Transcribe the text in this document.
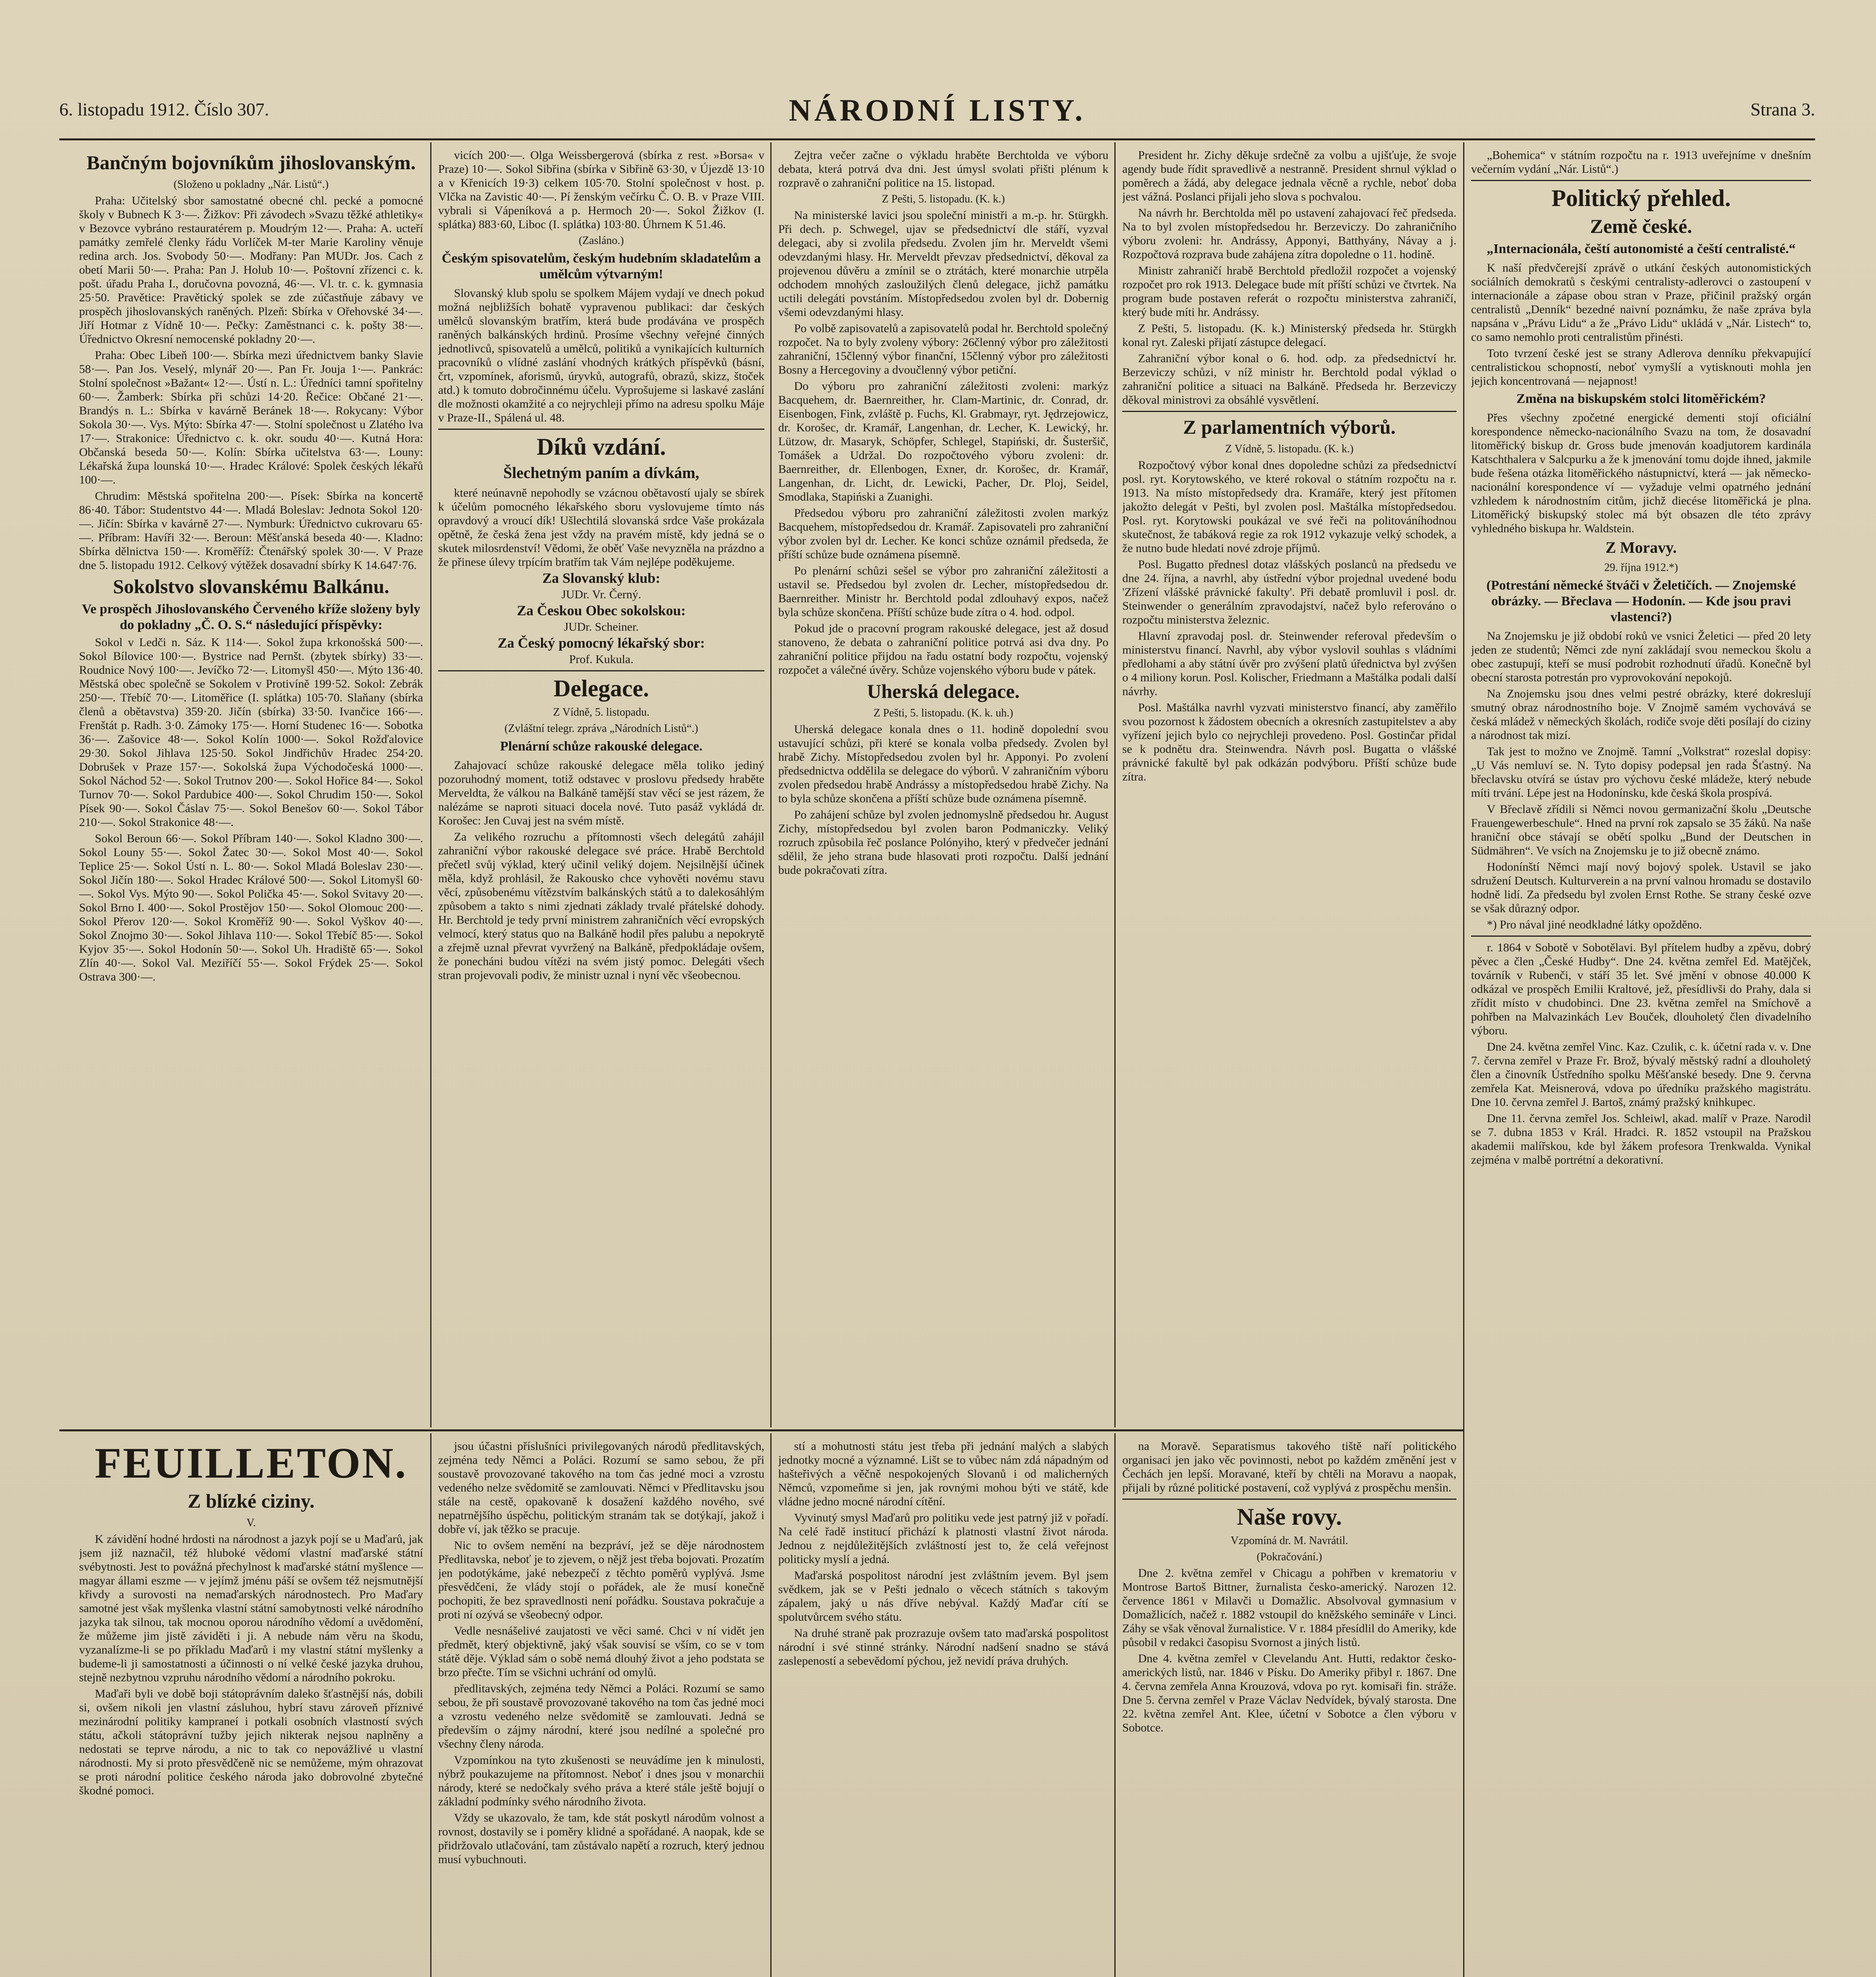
6. listopadu 1912. Číslo 307.	NÁRODNÍ LISTY.	Strana 3.
Bančným bojovníkům jihoslovanským.

(Složeno u pokladny „Nár. Listů“.)

Praha: Učitelský sbor samostatné obecné chl. pecké a pomocné školy v Bubnech K 3·—. Žižkov: Při závodech »Svazu těžké athletiky« v Bezovce vybráno restauratérem p. Moudrým 12·—. Praha: A. ucteří památky zemřelé členky řádu Vorlíček M-ter Marie Karoliny věnuje redina arch. Jos. Svobody 50·—. Modřany: Pan MUDr. Jos. Cach z obetí Marii 50·—. Praha: Pan J. Holub 10·—. Poštovní zřízenci c. k. pošt. úřadu Praha I., doručovna povozná, 46·—. Vl. tr. c. k. gymnasia 25·50. Pravětice: Pravětický spolek se zde zúčastňuje zábavy ve prospěch jihoslovanských raněných. Plzeň: Sbírka v Ořehovské 34·—. Jiří Hotmar z Vídně 10·—. Pečky: Zaměstnanci c. k. pošty 38·—. Úřednictvo Okresní nemocenské pokladny 20·—.

Praha: Obec Libeň 100·—. Sbírka mezi úřednictvem banky Slavie 58·—. Pan Jos. Veselý, mlynář 20·—. Pan Fr. Jouja 1·—. Pankrác: Stolní společnost »Bažant« 12·—. Ústí n. L.: Úředníci tamní spořitelny 60·—. Žamberk: Sbírka při schůzi 14·20. Řečice: Občané 21·—. Brandýs n. L.: Sbírka v kavárně Beránek 18·—. Rokycany: Výbor Sokola 30·—. Vys. Mýto: Sbírka 47·—. Stolní společnost u Zlatého lva 17·—. Strakonice: Úřednictvo c. k. okr. soudu 40·—. Kutná Hora: Občanská beseda 50·—. Kolín: Sbírka učitelstva 63·—. Louny: Lékařská župa lounská 10·—. Hradec Králové: Spolek českých lékařů 100·—.

Chrudim: Městská spořitelna 200·—. Písek: Sbírka na koncertě 86·40. Tábor: Studentstvo 44·—. Mladá Boleslav: Jednota Sokol 120·—. Jičín: Sbírka v kavárně 27·—. Nymburk: Úřednictvo cukrovaru 65·—. Příbram: Havíři 32·—. Beroun: Měšťanská beseda 40·—. Kladno: Sbírka dělnictva 150·—. Kroměříž: Čtenářský spolek 30·—. V Praze dne 5. listopadu 1912. Celkový výtěžek dosavadní sbírky K 14.647·76.

Sokolstvo slovanskému Balkánu.

Ve prospěch Jihoslovanského Červeného kříže složeny byly do pokladny „Č. O. S.“ následující příspěvky:

Sokol v Ledči n. Sáz. K 114·—. Sokol župa krkonošská 500·—. Sokol Bílovice 100·—. Bystrice nad Pernšt. (zbytek sbírky) 33·—. Roudnice Nový 100·—. Jevíčko 72·—. Litomyšl 450·—. Mýto 136·40. Městská obec společně se Sokolem v Protivíně 199·52. Sokol: Zebrák 250·—. Třebíč 70·—. Litoměřice (I. splátka) 105·70. Slaňany (sbírka členů a obětavstva) 359·20. Jičín (sbírka) 33·50. Ivančice 166·—. Frenštát p. Radh. 3·0. Zámoky 175·—. Horní Studenec 16·—. Sobotka 36·—. Zašovice 48·—. Sokol Kolín 1000·—. Sokol Rožďalovice 29·30. Sokol Jihlava 125·50. Sokol Jindřichův Hradec 254·20. Dobrušek v Praze 157·—. Sokolská župa Východočeská 1000·—. Sokol Náchod 52·—. Sokol Trutnov 200·—. Sokol Hořice 84·—. Sokol Turnov 70·—. Sokol Pardubice 400·—. Sokol Chrudim 150·—. Sokol Písek 90·—. Sokol Čáslav 75·—. Sokol Benešov 60·—. Sokol Tábor 210·—. Sokol Strakonice 48·—.

Sokol Beroun 66·—. Sokol Příbram 140·—. Sokol Kladno 300·—. Sokol Louny 55·—. Sokol Žatec 30·—. Sokol Most 40·—. Sokol Teplice 25·—. Sokol Ústí n. L. 80·—. Sokol Mladá Boleslav 230·—. Sokol Jičín 180·—. Sokol Hradec Králové 500·—. Sokol Litomyšl 60·—. Sokol Vys. Mýto 90·—. Sokol Polička 45·—. Sokol Svitavy 20·—. Sokol Brno I. 400·—. Sokol Prostějov 150·—. Sokol Olomouc 200·—. Sokol Přerov 120·—. Sokol Kroměříž 90·—. Sokol Vyškov 40·—. Sokol Znojmo 30·—. Sokol Jihlava 110·—. Sokol Třebíč 85·—. Sokol Kyjov 35·—. Sokol Hodonín 50·—. Sokol Uh. Hradiště 65·—. Sokol Zlín 40·—. Sokol Val. Meziříčí 55·—. Sokol Frýdek 25·—. Sokol Ostrava 300·—.

vicích 200·—. Olga Weissbergerová (sbírka z rest. »Borsa« v Praze) 10·—. Sokol Sibřina (sbírka v Sibřině 63·30, v Újezdě 13·10 a v Křenicích 19·3) celkem 105·70. Stolní společnost v host. p. Vlčka na Zavistic 40·—. Pí ženským večírku Č. O. B. v Praze VIII. vybrali si Vápeníková a p. Hermoch 20·—. Sokol Žižkov (I. splátka) 883·60, Liboc (I. splátka) 103·80. Úhrnem K 51.46.

(Zasláno.)

Českým spisovatelům, českým hudebním skladatelům a umělcům výtvarným!

Slovanský klub spolu se spolkem Májem vydají ve dnech pokud možná nejbližších bohatě vypravenou publikaci: dar českých umělců slovanským bratřím, která bude prodávána ve prospěch raněných balkánských hrdinů. Prosíme všechny veřejné činných jednotlivců, spisovatelů a umělců, politiků a vynikajících kulturních pracovníků o vlídné zaslání vhodných krátkých příspěvků (básní, črt, vzpomínek, aforismů, úryvků, autografů, obrazů, skizz, štoček atd.) k tomuto dobročinnému účelu. Vyprošujeme si laskavé zaslání dle možnosti okamžité a co nejrychleji přímo na adresu spolku Máje v Praze-II., Spálená ul. 48.

Díků vzdání.
Šlechetným paním a dívkám,

které neúnavně nepohodly se vzácnou obětavostí ujaly se sbírek k účelům pomocného lékařského sboru vyslovujeme tímto nás opravdový a vroucí dík! Ušlechtilá slovanská srdce Vaše prokázala opětně, že česká žena jest vždy na pravém místě, kdy jedná se o skutek milosrdenství! Vědomi, že oběť Vaše nevyzněla na prázdno a že přinese úlevy trpícím bratřím tak Vám nejlépe poděkujeme.

Za Slovanský klub:

JUDr. Vr. Černý.

Za Českou Obec sokolskou:

JUDr. Scheiner.

Za Český pomocný lékařský sbor:

Prof. Kukula.

Delegace.

Z Vídně, 5. listopadu.

(Zvláštní telegr. zpráva „Národních Listů“.)

Plenární schůze rakouské delegace.

Zahajovací schůze rakouské delegace měla toliko jediný pozoruhodný moment, totiž odstavec v proslovu předsedy hraběte Merveldta, že válkou na Balkáně tamější stav věcí se jest rázem, že nalézáme se naproti situaci docela nové. Tuto pasáž vykládá dr. Korošec: Jen Cuvaj jest na svém místě.

Za velikého rozruchu a přítomnosti všech delegátů zahájil zahraniční výbor rakouské delegace své práce. Hrabě Berchtold přečetl svůj výklad, který učinil veliký dojem. Nejsilnější účinek měla, když prohlásil, že Rakousko chce vyhověti novému stavu věcí, způsobenému vítězstvím balkánských států a to dalekosáhlým způsobem a takto s nimi zjednati základy trvalé přátelské dohody. Hr. Berchtold je tedy první ministrem zahraničních věcí evropských velmocí, který status quo na Balkáně hodil přes palubu a nepokrytě a zřejmě uznal převrat vyvržený na Balkáně, předpokládaje ovšem, že ponecháni budou vítězi na svém jistý pomoc. Delegáti všech stran projevovali podiv, že ministr uznal i nyní věc všeobecnou.

Zejtra večer začne o výkladu hraběte Berchtolda ve výboru debata, která potrvá dva dni. Jest úmysl svolati přišti plénum k rozpravě o zahraniční politice na 15. listopad.

Z Pešti, 5. listopadu. (K. k.)

Na ministerské lavici jsou společní ministři a m.-p. hr. Stürgkh. Při dech. p. Schwegel, ujav se předsednictví dle stáří, vyzval delegaci, aby si zvolila předsedu. Zvolen jím hr. Merveldt všemi odevzdanými hlasy. Hr. Merveldt převzav předsednictví, děkoval za projevenou důvěru a zmínil se o ztrátách, které monarchie utrpěla odchodem mnohých zasloužilých členů delegace, jichž památku uctili delegáti povstáním. Místopředsedou zvolen byl dr. Dobernig všemi odevzdanými hlasy.

Po volbě zapisovatelů a zapisovatelů podal hr. Berchtold společný rozpočet. Na to byly zvoleny výbory: 26členný výbor pro záležitosti zahraniční, 15členný výbor finanční, 15členný výbor pro záležitosti Bosny a Hercegoviny a dvoučlenný výbor petiční.

Do výboru pro zahraniční záležitosti zvoleni: markýz Bacquehem, dr. Baernreither, hr. Clam-Martinic, dr. Conrad, dr. Eisenbogen, Fink, zvláště p. Fuchs, Kl. Grabmayr, ryt. Jędrzejowicz, dr. Korošec, dr. Kramář, Langenhan, dr. Lecher, K. Lewický, hr. Lützow, dr. Masaryk, Schöpfer, Schlegel, Stapiński, dr. Šusteršič, Tomášek a Udržal. Do rozpočtového výboru zvoleni: dr. Baernreither, dr. Ellenbogen, Exner, dr. Korošec, dr. Kramář, Langenhan, dr. Licht, dr. Lewicki, Pacher, Dr. Ploj, Seidel, Smodlaka, Stapiński a Zuanighi.

Předsedou výboru pro zahraniční záležitosti zvolen markýz Bacquehem, místopředsedou dr. Kramář. Zapisovateli pro zahraniční výbor zvolen byl dr. Lecher. Ke konci schůze oznámil předseda, že příští schůze bude oznámena písemně.

Po plenární schůzi sešel se výbor pro zahraniční záležitosti a ustavil se. Předsedou byl zvolen dr. Lecher, místopředsedou dr. Baernreither. Ministr hr. Berchtold podal zdlouhavý expos, načež byla schůze skončena. Příští schůze bude zítra o 4. hod. odpol.

Pokud jde o pracovní program rakouské delegace, jest až dosud stanoveno, že debata o zahraniční politice potrvá asi dva dny. Po zahraniční politice přijdou na řadu ostatní body rozpočtu, vojenský rozpočet a válečné úvěry. Schůze vojenského výboru bude v pátek.

Uherská delegace.

Z Pešti, 5. listopadu. (K. k. uh.)

Uherská delegace konala dnes o 11. hodině dopolední svou ustavující schůzi, při které se konala volba předsedy. Zvolen byl hrabě Zichy. Místopředsedou zvolen byl hr. Apponyi. Po zvolení předsednictva oddělila se delegace do výborů. V zahraničním výboru zvolen předsedou hrabě Andrássy a místopředsedou hrabě Zichy. Na to byla schůze skončena a příští schůze bude oznámena písemně.

Po zahájení schůze byl zvolen jednomyslně předsedou hr. August Zichy, místopředsedou byl zvolen baron Podmaniczky. Veliký rozruch způsobila řeč poslance Polónyiho, který v předvečer jednání sdělil, že jeho strana bude hlasovati proti rozpočtu. Další jednání bude pokračovati zítra.

President hr. Zichy děkuje srdečně za volbu a ujišťuje, že svoje agendy bude řídit spravedlivě a nestranně. President shrnul výklad o poměrech a žádá, aby delegace jednala věcně a rychle, neboť doba jest vážná. Poslanci přijali jeho slova s pochvalou.

Na návrh hr. Berchtolda měl po ustavení zahajovací řeč předseda. Na to byl zvolen místopředsedou hr. Berzeviczy. Do zahraničního výboru zvoleni: hr. Andrássy, Apponyi, Batthyány, Návay a j. Rozpočtová rozprava bude zahájena zítra dopoledne o 11. hodině.

Ministr zahraničí hrabě Berchtold předložil rozpočet a vojenský rozpočet pro rok 1913. Delegace bude mít příští schůzi ve čtvrtek. Na program bude postaven referát o rozpočtu ministerstva zahraničí, který bude míti hr. Andrássy.

Z Pešti, 5. listopadu. (K. k.) Ministerský předseda hr. Stürgkh konal ryt. Zaleski přijatí zástupce delegací.

Zahraniční výbor konal o 6. hod. odp. za předsednictví hr. Berzeviczy schůzi, v níž ministr hr. Berchtold podal výklad o zahraniční politice a situaci na Balkáně. Předseda hr. Berzeviczy děkoval ministrovi za obsáhlé vysvětlení.

Z parlamentních výborů.

Z Vídně, 5. listopadu. (K. k.)

Rozpočtový výbor konal dnes dopoledne schůzi za předsednictví posl. ryt. Korytowského, ve které rokoval o státním rozpočtu na r. 1913. Na místo místopředsedy dra. Kramáře, který jest přítomen jakožto delegát v Pešti, byl zvolen posl. Maštálka místopředsedou. Posl. ryt. Korytowski poukázal ve své řeči na politováníhodnou skutečnost, že tabáková regie za rok 1912 vykazuje velký schodek, a že nutno bude hledati nové zdroje příjmů.

Posl. Bugatto přednesl dotaz vlášských poslanců na předsedu ve dne 24. října, a navrhl, aby ústřední výbor projednal uvedené bodu 'Zřízení vlášské právnické fakulty'. Při debatě promluvil i posl. dr. Steinwender o generálním zpravodajství, načež bylo referováno o rozpočtu ministerstva železnic.

Hlavní zpravodaj posl. dr. Steinwender referoval především o ministerstvu financí. Navrhl, aby výbor vyslovil souhlas s vládními předlohami a aby státní úvěr pro zvýšení platů úřednictva byl zvýšen o 4 miliony korun. Posl. Kolischer, Friedmann a Maštálka podali další návrhy.

Posl. Maštálka navrhl vyzvati ministerstvo financí, aby zaměřilo svou pozornost k žádostem obecních a okresních zastupitelstev a aby vyřízení jejich bylo co nejrychleji provedeno. Posl. Gostinčar přidal se k podnětu dra. Steinwendra. Návrh posl. Bugatta o vlášské právnické fakultě byl pak odkázán podvýboru. Příští schůze bude zítra.

„Bohemica“ v státním rozpočtu na r. 1913 uveřejníme v dnešním večerním vydání „Nár. Listů“.)

Politický přehled.
Země české.
„Internacionála, čeští autonomisté a čeští centralisté.“

K naší předvčerejší zprávě o utkání českých autonomistických sociálních demokratů s českými centralisty-adlerovci o zastoupení v internacionále a zápase obou stran v Praze, přičinil pražský orgán centralistů „Denník“ bezedné naivní poznámku, že naše zpráva byla napsána v „Právu Lidu“ a že „Právo Lidu“ ukládá v „Nár. Listech“ to, co samo nemohlo proti centralistům přinésti.

Toto tvrzení české jest se strany Adlerova denníku překvapující centralistickou schopností, neboť vymyšlí a vytisknouti mohla jen jejich koncentrovaná — nejapnost!

Změna na biskupském stolci litoměřickém?

Přes všechny zpočetné energické dementi stojí oficiální korespondence německo-nacionálního Svazu na tom, že dosavadní litoměřický biskup dr. Gross bude jmenován koadjutorem kardinála Katschthalera v Salcpurku a že k jmenování tomu dojde ihned, jakmile bude řešena otázka litoměřického nástupnictví, která — jak německo-nacionální korespondence ví — vyžaduje velmi opatrného jednání vzhledem k národnostním citům, jichž diecése litoměřická je plna. Litoměřický biskupský stolec má být obsazen dle této zprávy vyhledného biskupa hr. Waldstein.

Z Moravy.

29. října 1912.*)

(Potrestání německé štváči v Želetičích. — Znojemské obrázky. — Břeclava — Hodonín. — Kde jsou pravi vlastenci?)

Na Znojemsku je již období roků ve vsnici Želetici — před 20 lety jeden ze studentů; Němci zde nyní zakládají svou nemeckou školu a obec zastupují, kteří se musí podrobit rozhodnutí úřadů. Konečně byl obecní starosta potrestán pro vyprovokování nepokojů.

Na Znojemsku jsou dnes velmi pestré obrázky, které dokreslují smutný obraz národnostního boje. V Znojmě samém vychovává se česká mládež v německých školách, rodiče svoje děti posílají do ciziny a národnost tak mizí.

Tak jest to možno ve Znojmě. Tamní „Volkstrat“ rozeslal dopisy: „U Vás nemluví se. N. Tyto dopisy podepsal jen rada Šťastný. Na břeclavsku otvírá se ústav pro výchovu české mládeže, který nebude míti trvání. Lépe jest na Hodonínsku, kde česká škola prospívá.

V Břeclavě zřídili si Němci novou germanizační školu „Deutsche Frauengewerbeschule“. Hned na první rok zapsalo se 35 žáků. Na naše hraniční obce stávají se obětí spolku „Bund der Deutschen in Südmähren“. Ve vsích na Znojemsku je to již obecně známo.

Hodonínští Němci mají nový bojový spolek. Ustavil se jako sdružení Deutsch. Kulturverein a na první valnou hromadu se dostavilo hodně lidí. Za předsedu byl zvolen Ernst Rothe. Se strany české ozve se však důrazný odpor.

*) Pro nával jiné neodkladné látky opožděno.

r. 1864 v Sobotě v Sobotělavi. Byl přítelem hudby a zpěvu, dobrý pěvec a člen „České Hudby“. Dne 24. května zemřel Ed. Matějček, továrník v Rubenči, v stáří 35 let. Své jmění v obnose 40.000 K odkázal ve prospěch Emilii Kraltové, jež, přesídlivši do Prahy, dala si zřídit místo v chudobinci. Dne 23. května zemřel na Smíchově a pohřben na Malvazinkách Lev Bouček, dlouholetý člen divadelního výboru.

Dne 24. května zemřel Vinc. Kaz. Czulik, c. k. účetní rada v. v. Dne 7. června zemřel v Praze Fr. Brož, bývalý městský radní a dlouholetý člen a činovník Ústředního spolku Měšťanské besedy. Dne 9. června zemřela Kat. Meisnerová, vdova po úředníku pražského magistrátu. Dne 10. června zemřel J. Bartoš, známý pražský knihkupec.

Dne 11. června zemřel Jos. Schleiwl, akad. malíř v Praze. Narodil se 7. dubna 1853 v Král. Hradci. R. 1852 vstoupil na Pražskou akademii malířskou, kde byl žákem profesora Trenkwalda. Vynikal zejména v malbě portrétní a dekorativní.

FEUILLETON.
Z blízké ciziny.

V.

K závidění hodné hrdosti na národnost a jazyk pojí se u Maďarů, jak jsem již naznačil, též hluboké vědomí vlastní maďarské státní svébytnosti. Jest to povážná přechylnost k maďarské státní myšlence — magyar állami eszme — v jejímž jménu páší se ovšem též nejsmutnější křivdy a surovosti na nemaďarských národnostech. Pro Maďary samotné jest však myšlenka vlastní státní samobytnosti velké národního jazyka tak silnou, tak mocnou oporou národního vědomí a uvědomění, že můžeme jim jistě záviděti i ji. A nebude nám věru na škodu, vyzanalízme-li se po příkladu Maďarů i my vlastní státní myšlenky a budeme-li ji samostatnosti a účinnosti o ní velké české jazyka druhou, stejně nezbytnou vzpruhu národního vědomí a národního pokroku.

Maďaři byli ve době boji státoprávním daleko šťastnější nás, dobili si, ovšem nikoli jen vlastní zásluhou, hybrí stavu zároveň příznivé mezinárodní politiky kampraneí i potkali osobních vlastností svých státu, ačkoli státoprávní tužby jejich nikterak nejsou naplněny a nedostati se teprve národu, a nic to tak co nepovážlivé u vlastní národnosti. My si proto přesvědčeně nic se nemůžeme, mým ohrazovat se proti národní politice českého národa jako dobrovolné zbytečné škodné pomoci.

jsou účastni příslušníci privilegovaných národů předlitavských, zejména tedy Němci a Poláci. Rozumí se samo sebou, že při soustavě provozované takového na tom čas jedné moci a vzrostu vedeného nelze svědomitě se zamlouvati. Němci v Předlitavsku jsou stále na cestě, opakovaně k dosažení každého nového, své nepatrnějšího úspěchu, politickým stranám tak se dotýkají, jakož i dobře ví, jak těžko se pracuje.

Nic to ovšem nemění na bezpráví, jež se děje národnostem Předlitavska, neboť je to zjevem, o nějž jest třeba bojovati. Prozatím jen podotýkáme, jaké nebezpečí z těchto poměrů vyplývá. Jsme přesvědčeni, že vlády stojí o pořádek, ale že musí konečně pochopiti, že bez spravedlnosti není pořádku. Soustava pokračuje a proti ní ozývá se všeobecný odpor.

Vedle nesnášelivé zaujatosti ve věci samé. Chci v ní vidět jen předmět, který objektivně, jaký však souvisí se vším, co se v tom státě děje. Výklad sám o sobě nemá dlouhý život a jeho podstata se brzo přečte. Tím se všichni uchrání od omylů.

předlitavských, zejména tedy Němci a Poláci. Rozumí se samo sebou, že při soustavě provozované takového na tom čas jedné moci a vzrostu vedeného nelze svědomitě se zamlouvati. Jedná se především o zájmy národní, které jsou nedílné a společné pro všechny členy národa.

Vzpomínkou na tyto zkušenosti se neuvádíme jen k minulosti, nýbrž poukazujeme na přítomnost. Neboť i dnes jsou v monarchii národy, které se nedočkaly svého práva a které stále ještě bojují o základní podmínky svého národního života.

Vždy se ukazovalo, že tam, kde stát poskytl národům volnost a rovnost, dostavily se i poměry klidné a spořádané. A naopak, kde se přidržovalo utlačování, tam zůstávalo napětí a rozruch, který jednou musí vybuchnouti.

stí a mohutnosti státu jest třeba při jednání malých a slabých jednotky mocné a významné. Lišt se to vůbec nám zdá nápadným od hašteřivých a věčně nespokojených Slovanů i od malicherných Němců, vzpomeňme si jen, jak rovnými mohou býti ve státě, kde vládne jedno mocné národní cítění.

Vyvinutý smysl Maďarů pro politiku vede jest patrný již v pořadí. Na celé řadě institucí přichází k platnosti vlastní život národa. Jednou z nejdůležitějších zvláštností jest to, že celá veřejnost politicky myslí a jedná.

Maďarská pospolitost národní jest zvláštním jevem. Byl jsem svědkem, jak se v Pešti jednalo o věcech státních s takovým zápalem, jaký u nás dříve nebýval. Každý Maďar cítí se spolutvůrcem svého státu.

Na druhé straně pak prozrazuje ovšem tato maďarská pospolitost národní i své stinné stránky. Národní nadšení snadno se stává zaslepeností a sebevědomí pýchou, jež nevidí práva druhých.

na Moravě. Separatismus takového tiště naří politického organisaci jen jako věc povinnosti, nebot po každém změnění jest v Čechách jen lepší. Moravané, kteří by chtěli na Moravu a naopak, přijali by různé politické postavení, což vyplývá z prospěchu menšin.

Naše rovy.

Vzpomíná dr. M. Navrátil.

(Pokračování.)

Dne 2. května zemřel v Chicagu a pohřben v krematoriu v Montrose Bartoš Bittner, žurnalista česko-americký. Narozen 12. července 1861 v Milavči u Domažlic. Absolvoval gymnasium v Domažlicích, načež r. 1882 vstoupil do kněžského semináře v Linci. Záhy se však věnoval žurnalistice. V r. 1884 přesídlil do Ameriky, kde působil v redakci časopisu Svornost a jiných listů.

Dne 4. května zemřel v Clevelandu Ant. Hutti, redaktor česko-amerických listů, nar. 1846 v Písku. Do Ameriky přibyl r. 1867. Dne 4. června zemřela Anna Krouzová, vdova po ryt. komisaři fin. stráže. Dne 5. června zemřel v Praze Václav Nedvídek, bývalý starosta. Dne 22. května zemřel Ant. Klee, účetní v Sobotce a člen výboru v Sobotce.
